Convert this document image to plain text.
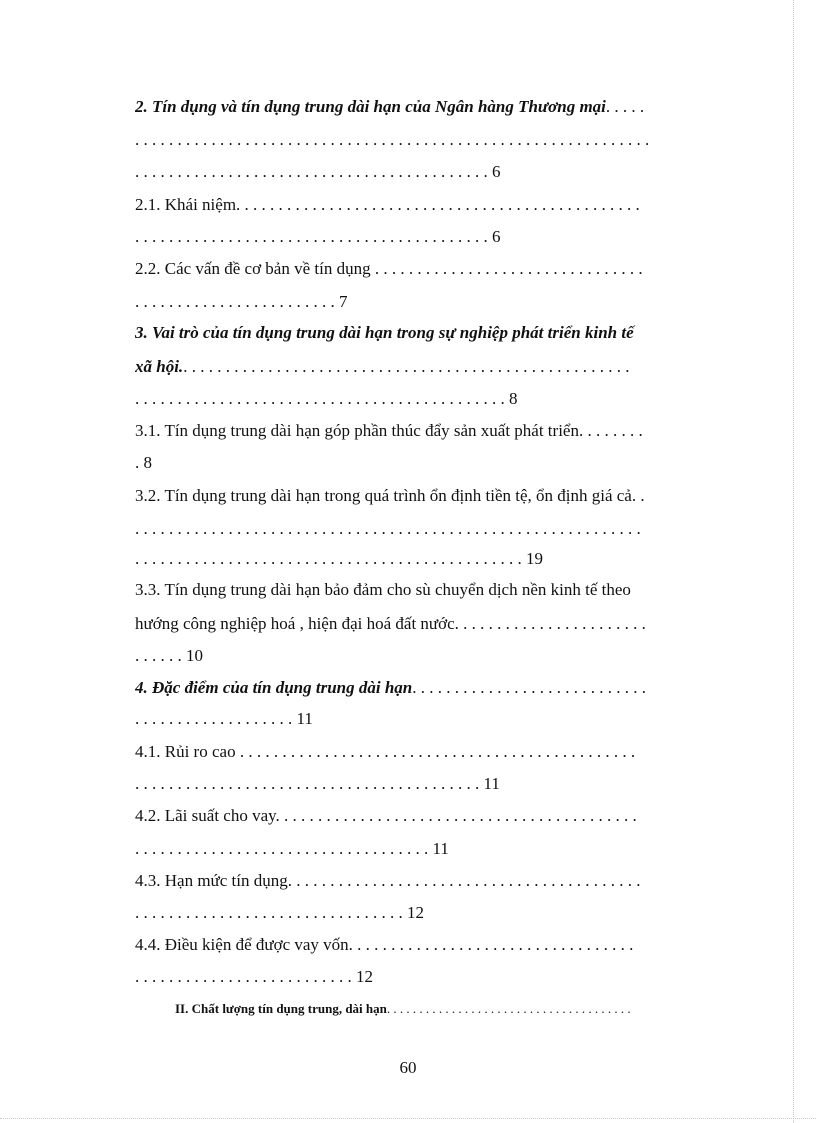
2. Tín dụng và tín dụng trung dài hạn của Ngân hàng Thương mại. . . . .
. . . . . . . . . . . . . . . . . . . . . . . . . . . . . . . . . . . . . . . . . . . . . . . . . . . . . . . . . . . . .
. . . . . . . . . . . . . . . . . . . . . . . . . . . . . . . . . . . . . . . . . . 6
2.1. Khái niệm. . . . . . . . . . . . . . . . . . . . . . . . . . . . . . . . . . . . . . . . . . . . . . . .
. . . . . . . . . . . . . . . . . . . . . . . . . . . . . . . . . . . . . . . . . . 6
2.2. Các vấn đề cơ bản về tín dụng . . . . . . . . . . . . . . . . . . . . . . . . . . . . . . . .
. . . . . . . . . . . . . . . . . . . . . . . . 7
3. Vai trò của tín dụng trung dài hạn trong sự nghiệp phát triển kinh tế
xã hội.. . . . . . . . . . . . . . . . . . . . . . . . . . . . . . . . . . . . . . . . . . . . . . . . . . . . .
. . . . . . . . . . . . . . . . . . . . . . . . . . . . . . . . . . . . . . . . . . . . 8
3.1. Tín dụng trung dài hạn góp phần thúc đẩy sản xuất phát triển. . . . . . . .
. 8
3.2. Tín dụng trung dài hạn trong quá trình ổn định tiền tệ, ổn định giá cả. .
. . . . . . . . . . . . . . . . . . . . . . . . . . . . . . . . . . . . . . . . . . . . . . . . . . . . . . . . . . . .
. . . . . . . . . . . . . . . . . . . . . . . . . . . . . . . . . . . . . . . . . . . . . . 19
3.3. Tín dụng trung dài hạn bảo đảm cho sù chuyển dịch nền kinh tế theo
hướng công nghiệp hoá , hiện đại hoá đất nước. . . . . . . . . . . . . . . . . . . . . . .
. . . . . . 10
4. Đặc điểm của tín dụng trung dài hạn. . . . . . . . . . . . . . . . . . . . . . . . . . . .
. . . . . . . . . . . . . . . . . . . 11
4.1. Rủi ro cao . . . . . . . . . . . . . . . . . . . . . . . . . . . . . . . . . . . . . . . . . . . . . . .
. . . . . . . . . . . . . . . . . . . . . . . . . . . . . . . . . . . . . . . . . 11
4.2. Lãi suất cho vay. . . . . . . . . . . . . . . . . . . . . . . . . . . . . . . . . . . . . . . . . . .
. . . . . . . . . . . . . . . . . . . . . . . . . . . . . . . . . . . 11
4.3. Hạn mức tín dụng. . . . . . . . . . . . . . . . . . . . . . . . . . . . . . . . . . . . . . . . . .
. . . . . . . . . . . . . . . . . . . . . . . . . . . . . . . . 12
4.4. Điều kiện để được vay vốn. . . . . . . . . . . . . . . . . . . . . . . . . . . . . . . . . .
. . . . . . . . . . . . . . . . . . . . . . . . . . 12
II. Chất lượng tín dụng trung, dài hạn. . . . . . . . . . . . . . . . . . . . . . . . . . . . . . . . . . . . . .
60
